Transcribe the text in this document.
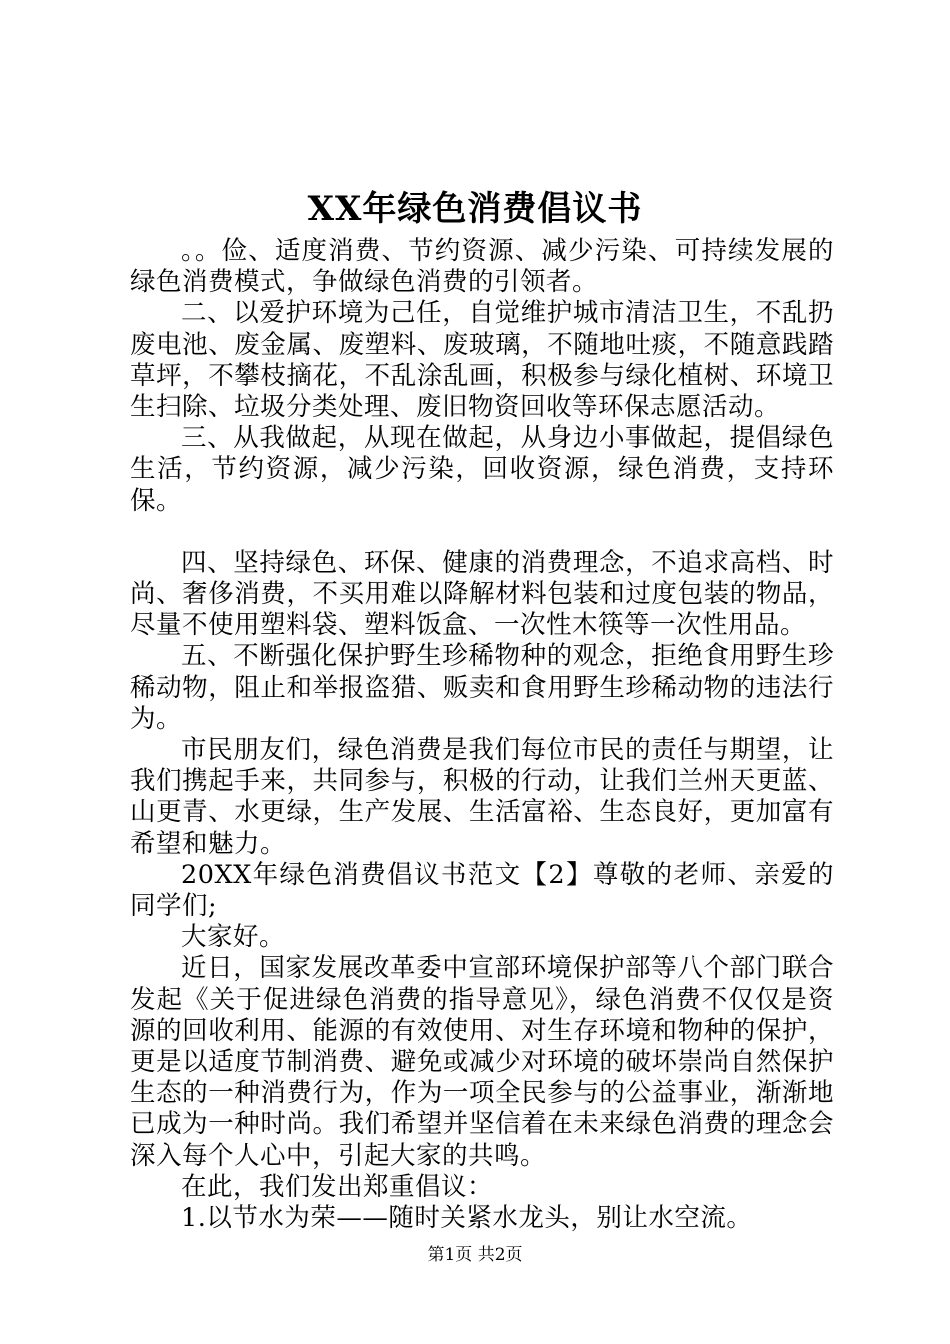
XX年绿色消费倡议书

。。俭、适度消费、节约资源、减少污染、可持续发展的绿色消费模式，争做绿色消费的引领者。

二、以爱护环境为己任，自觉维护城市清洁卫生，不乱扔废电池、废金属、废塑料、废玻璃，不随地吐痰，不随意践踏草坪，不攀枝摘花，不乱涂乱画，积极参与绿化植树、环境卫生扫除、垃圾分类处理、废旧物资回收等环保志愿活动。

三、从我做起，从现在做起，从身边小事做起，提倡绿色生活，节约资源，减少污染，回收资源，绿色消费，支持环保。

四、坚持绿色、环保、健康的消费理念，不追求高档、时尚、奢侈消费，不买用难以降解材料包装和过度包装的物品，尽量不使用塑料袋、塑料饭盒、一次性木筷等一次性用品。

五、不断强化保护野生珍稀物种的观念，拒绝食用野生珍稀动物，阻止和举报盗猎、贩卖和食用野生珍稀动物的违法行为。

市民朋友们，绿色消费是我们每位市民的责任与期望，让我们携起手来，共同参与，积极的行动，让我们兰州天更蓝、山更青、水更绿，生产发展、生活富裕、生态良好，更加富有希望和魅力。

20XX年绿色消费倡议书范文【2】尊敬的老师、亲爱的同学们;

大家好。

近日，国家发展改革委中宣部环境保护部等八个部门联合发起《关于促进绿色消费的指导意见》，绿色消费不仅仅是资源的回收利用、能源的有效使用、对生存环境和物种的保护，更是以适度节制消费、避免或减少对环境的破坏崇尚自然保护生态的一种消费行为，作为一项全民参与的公益事业，渐渐地已成为一种时尚。我们希望并坚信着在未来绿色消费的理念会深入每个人心中，引起大家的共鸣。

在此，我们发出郑重倡议：

1.以节水为荣——随时关紧水龙头，别让水空流。

第1页 共2页
